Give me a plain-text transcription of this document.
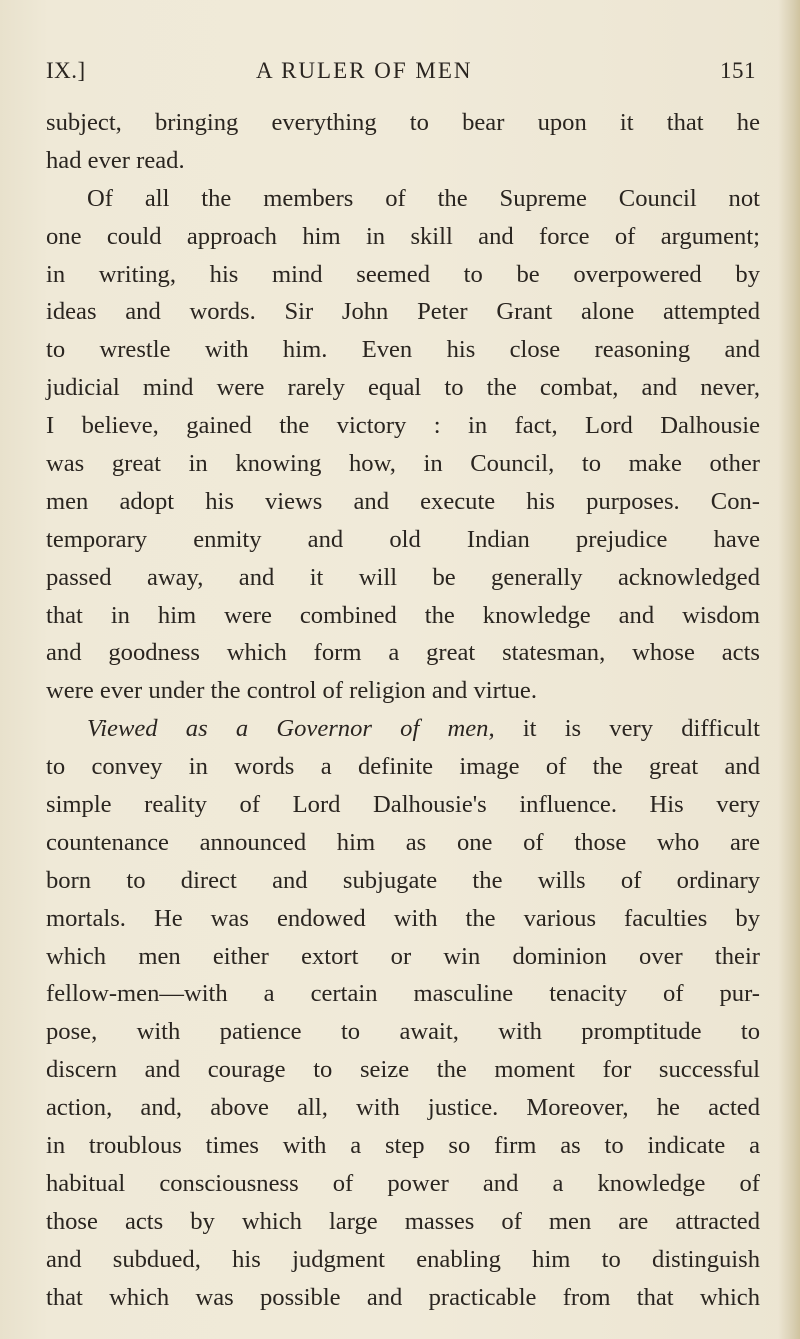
IX.]	A RULER OF MEN	151
subject, bringing everything to bear upon it that he
had ever read.
Of all the members of the Supreme Council not
one could approach him in skill and force of argument;
in writing, his mind seemed to be overpowered by
ideas and words. Sir John Peter Grant alone attempted
to wrestle with him. Even his close reasoning and
judicial mind were rarely equal to the combat, and never,
I believe, gained the victory : in fact, Lord Dalhousie
was great in knowing how, in Council, to make other
men adopt his views and execute his purposes. Con-
temporary enmity and old Indian prejudice have
passed away, and it will be generally acknowledged
that in him were combined the knowledge and wisdom
and goodness which form a great statesman, whose acts
were ever under the control of religion and virtue.
Viewed as a Governor of men, it is very difficult
to convey in words a definite image of the great and
simple reality of Lord Dalhousie's influence. His very
countenance announced him as one of those who are
born to direct and subjugate the wills of ordinary
mortals. He was endowed with the various faculties by
which men either extort or win dominion over their
fellow-men—with a certain masculine tenacity of pur-
pose, with patience to await, with promptitude to
discern and courage to seize the moment for successful
action, and, above all, with justice. Moreover, he acted
in troublous times with a step so firm as to indicate a
habitual consciousness of power and a knowledge of
those acts by which large masses of men are attracted
and subdued, his judgment enabling him to distinguish
that which was possible and practicable from that which
